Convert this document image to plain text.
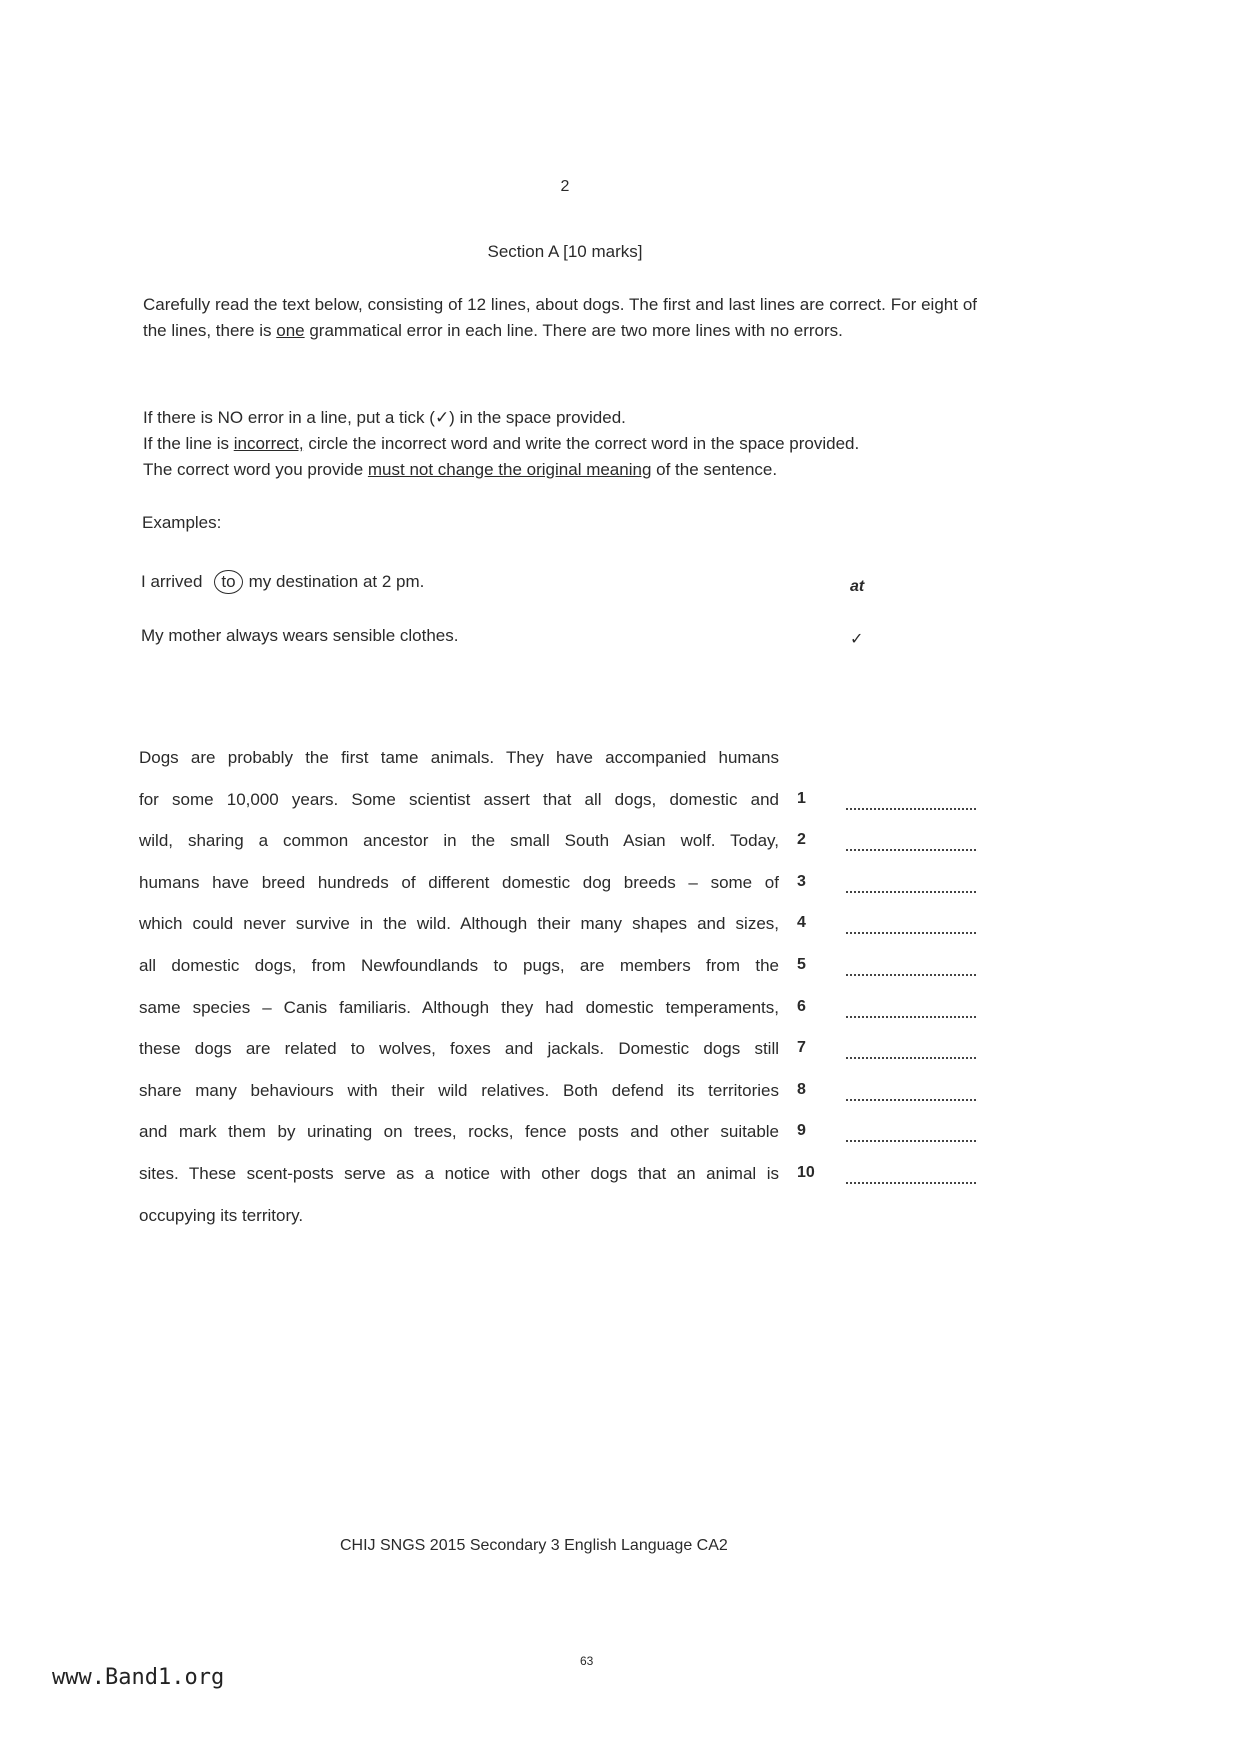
2
Section A [10 marks]

Carefully read the text below, consisting of 12 lines, about dogs. The first and last lines are correct. For eight of the lines, there is one grammatical error in each line. There are two more lines with no errors.

If there is NO error in a line, put a tick (✓) in the space provided.

If the line is incorrect, circle the incorrect word and write the correct word in the space provided.

The correct word you provide must not change the original meaning of the sentence.

Examples:
I arrived to my destination at 2 pm.	at
My mother always wears sensible clothes.	✓
Dogs are probably the first tame animals. They have accompanied humans
for some 10,000 years. Some scientist assert that all dogs, domestic and 1
wild, sharing a common ancestor in the small South Asian wolf. Today, 2
humans have breed hundreds of different domestic dog breeds – some of 3
which could never survive in the wild. Although their many shapes and sizes, 4
all domestic dogs, from Newfoundlands to pugs, are members from the 5
same species – Canis familiaris. Although they had domestic temperaments, 6
these dogs are related to wolves, foxes and jackals. Domestic dogs still 7
share many behaviours with their wild relatives. Both defend its territories 8
and mark them by urinating on trees, rocks, fence posts and other suitable 9
sites. These scent-posts serve as a notice with other dogs that an animal is 10
occupying its territory.
CHIJ SNGS 2015 Secondary 3 English Language CA2
63
www.Band1.org
